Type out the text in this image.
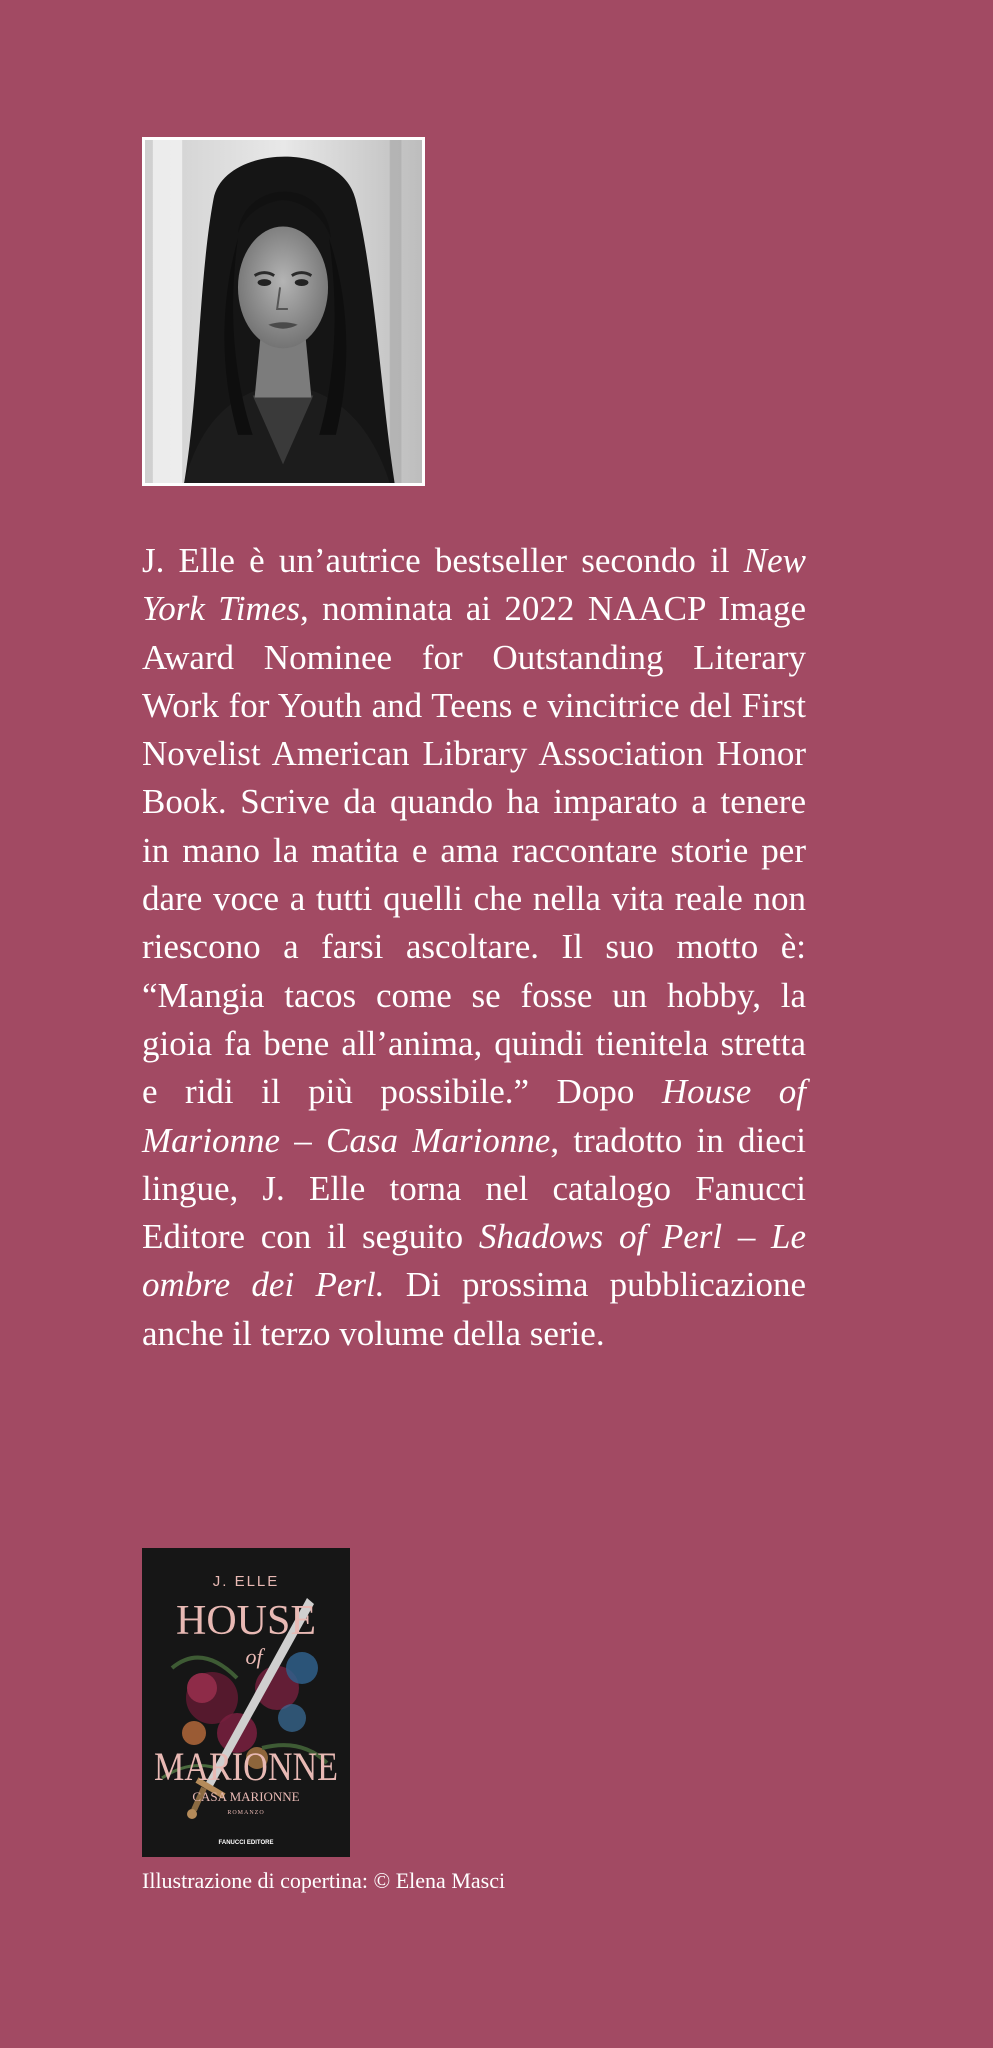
J. Elle è un’autrice bestseller secondo il New York Times, nominata ai 2022 NAACP Image Award Nominee for Outstanding Literary Work for Youth and Teens e vincitrice del First Novelist American Library Association Honor Book. Scrive da quando ha imparato a tenere in mano la matita e ama raccontare storie per dare voce a tutti quelli che nella vita reale non riescono a farsi ascoltare. Il suo motto è: “Mangia tacos come se fosse un hobby, la gioia fa bene all’anima, quindi tienitela stretta e ridi il più possibile.” Dopo House of Marionne – Casa Marionne, tradotto in dieci lingue, J. Elle torna nel catalogo Fanucci Editore con il seguito Shadows of Perl – Le ombre dei Perl. Di prossima pubblicazione anche il terzo volume della serie.

J. ELLE
HOUSE
of
MARIONNE
CASA MARIONNE
ROMANZO
FANUCCI EDITORE
Illustrazione di copertina: © Elena Masci
